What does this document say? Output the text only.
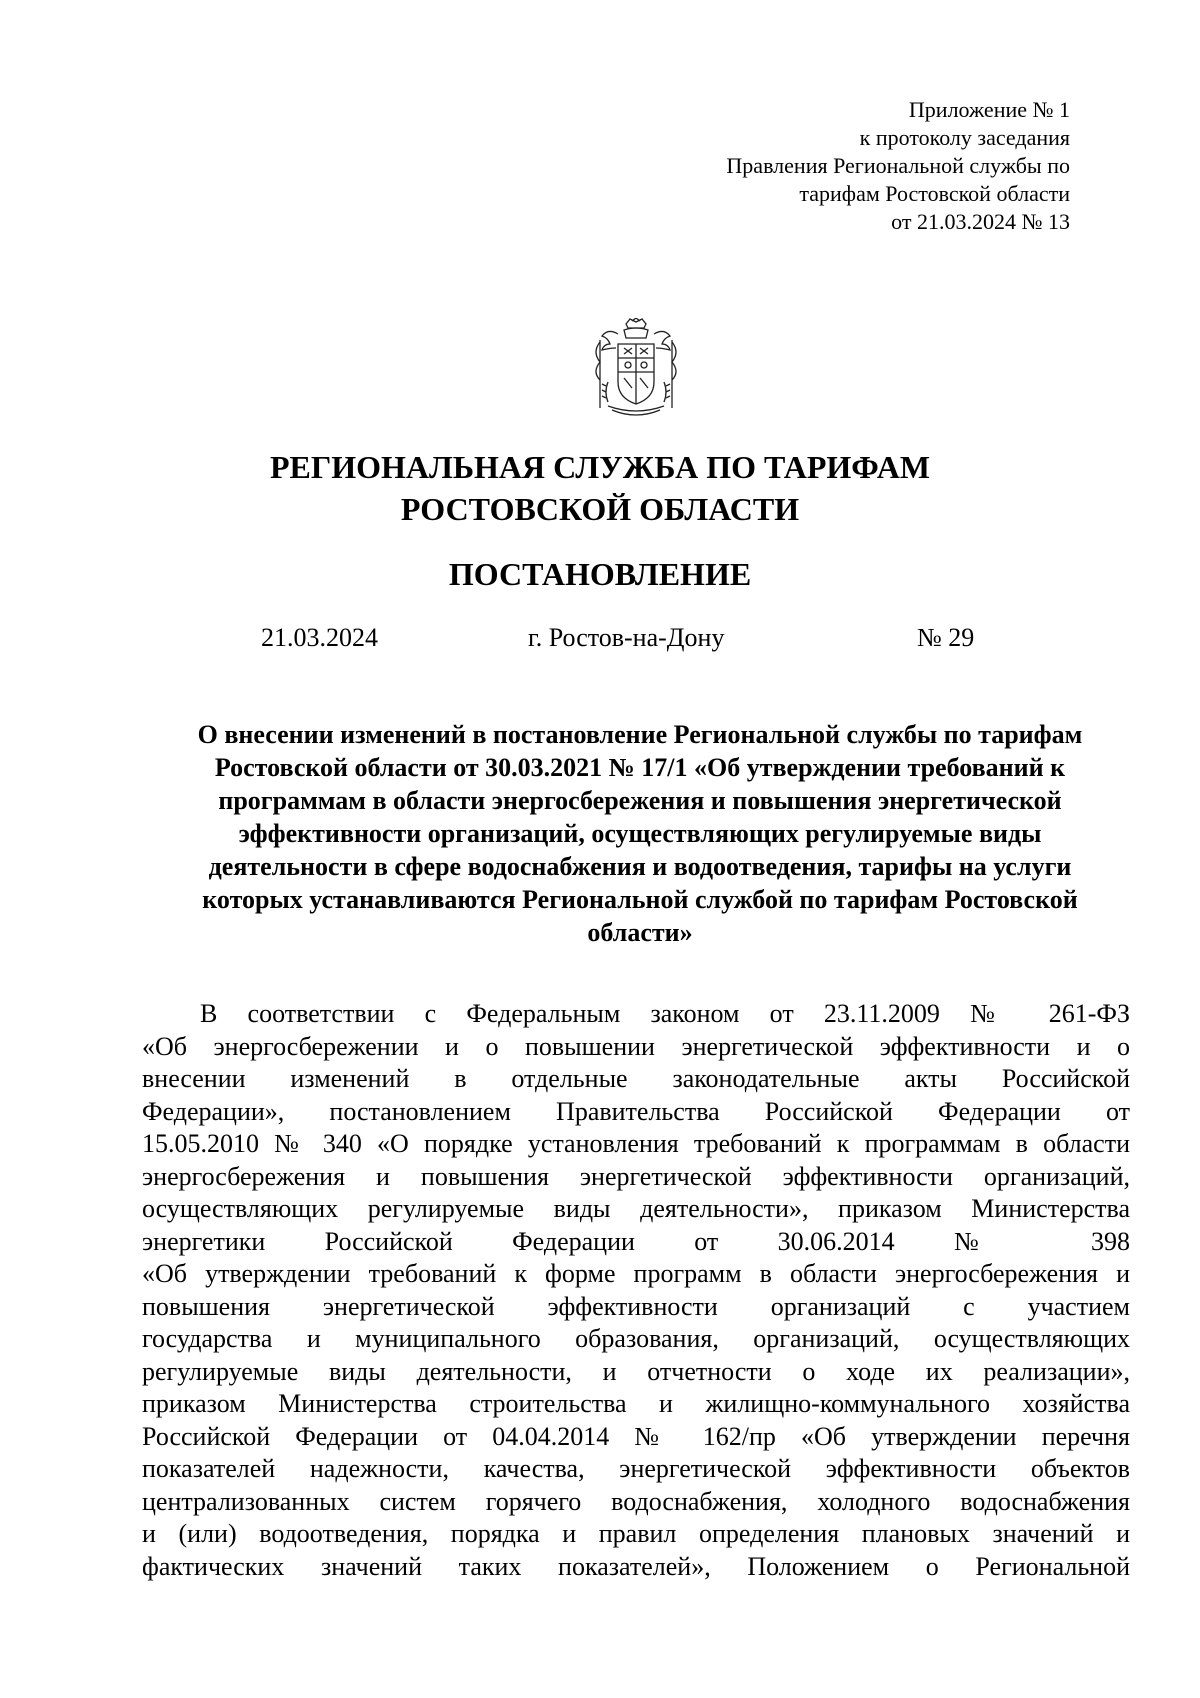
Приложение № 1
к протоколу заседания
Правления Региональной службы по
тарифам Ростовской области
от 21.03.2024 № 13
РЕГИОНАЛЬНАЯ СЛУЖБА ПО ТАРИФАМ
РОСТОВСКОЙ ОБЛАСТИ
ПОСТАНОВЛЕНИЕ
21.03.2024	г. Ростов-на-Дону	№ 29
О внесении изменений в постановление Региональной службы по тарифам
Ростовской области от 30.03.2021 № 17/1 «Об утверждении требований к
программам в области энергосбережения и повышения энергетической
эффективности организаций, осуществляющих регулируемые виды
деятельности в сфере водоснабжения и водоотведения, тарифы на услуги
которых устанавливаются Региональной службой по тарифам Ростовской
области»
В соответствии с Федеральным законом от 23.11.2009 № 261-ФЗ
«Об энергосбережении и о повышении энергетической эффективности и о
внесении изменений в отдельные законодательные акты Российской
Федерации», постановлением Правительства Российской Федерации от
15.05.2010 № 340 «О порядке установления требований к программам в области
энергосбережения и повышения энергетической эффективности организаций,
осуществляющих регулируемые виды деятельности», приказом Министерства
энергетики Российской Федерации от 30.06.2014 № 398
«Об утверждении требований к форме программ в области энергосбережения и
повышения энергетической эффективности организаций с участием
государства и муниципального образования, организаций, осуществляющих
регулируемые виды деятельности, и отчетности о ходе их реализации»,
приказом Министерства строительства и жилищно-коммунального хозяйства
Российской Федерации от 04.04.2014 № 162/пр «Об утверждении перечня
показателей надежности, качества, энергетической эффективности объектов
централизованных систем горячего водоснабжения, холодного водоснабжения
и (или) водоотведения, порядка и правил определения плановых значений и
фактических значений таких показателей», Положением о Региональной
